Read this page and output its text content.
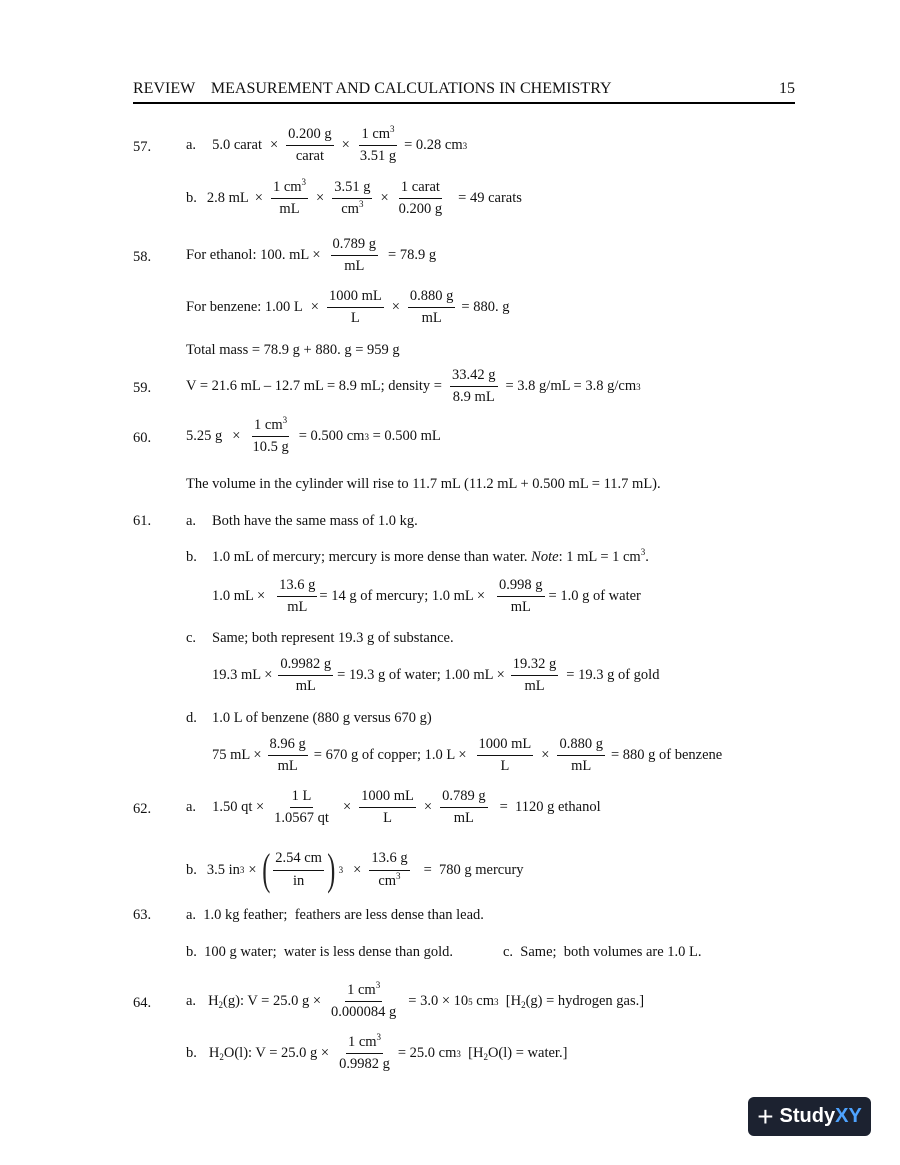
REVIEW    MEASUREMENT AND CALCULATIONS IN CHEMISTRY	15
57. a. 5.0 carat ×
0.200 g
carat
× $\frac{1 cm^3}{3.51 g} = 0.28$ cm 3
b. 2.8 mL × $\frac{1 cm^3}{mL} \times \frac{3.51 g}{cm^3}$ ×
1 carat
0.200 g
= 49 carats
58. For ethanol: 100. mL × $\frac{0.789 g}{mL} = 78.9$ g
For benzene: 1.00 $L \times \frac{1000 mL}{L} \times \frac{0.880 g}{mL} = 880$. g
Total mass = 78.9 g + 880. g = 959 g
59. V = 21.6 mL – 12.7 mL = 8.9 mL; density = $\frac{33.42 g}{8.9 mL} = 3.8$ g/mL = 3.8 g/cm 3
60. 5.25 $g \times \frac{1 cm^3}{10.5 g} = 0.500$ cm 3 = 0.500 mL
The volume in the cylinder will rise to 11.7 mL (11.2 mL + 0.500 mL = 11.7 mL).
61. a. Both have the same mass of 1.0 kg.
b. 1.0 mL of mercury; mercury is more dense than water. Note: 1 mL = 1 $cm^3$.
1.0 mL × $\frac{13.6 g}{mL} = 14$ g of mercury; 1.0 mL × $\frac{0.998 g}{mL} = 1.0$ g of water
c. Same; both represent 19.3 g of substance.
19.3 mL × $\frac{0.9982 g}{mL} = 19.3$ g of water; 1.00 mL × $\frac{19.32 g}{mL} = 19.3$ g of gold
d. 1.0 L of benzene (880 g versus 670 g)
75 mL × $\frac{8.96 g}{mL} = 670$ g of copper; 1.0 $L \times \frac{1000 mL}{L} \times \frac{0.880 g}{mL} = 880$ g of benzene
62. a. 1.50 qt × $\frac{1 L}{1.0567 qt} \times \frac{1000 mL}{L} \times \frac{0.789 g}{mL} = 1120$ g ethanol
b. 3.5 in 3 × ( 2.54 cm
in ) $3 \times \frac{13.6 g}{cm^3} = 780$ g mercury
63. a.  1.0 kg feather;  feathers are less dense than lead.
b.  100 g water;  water is less dense than gold.	c.  Same;  both volumes are 1.0 L.
64. a. $H_2(g)$: V = 25.0 $g \times \frac{1 cm^3}{0.000084 g} = 3.0 \times 10$ 5 cm 3 [$H_2(g)$ = hydrogen gas.]
b. $H_2O(l)$: V = 25.0 $g \times \frac{1 cm^3}{0.9982 g} = 25.0$ cm 3 [$H_2O(l)$ = water.]
+ Study XY
